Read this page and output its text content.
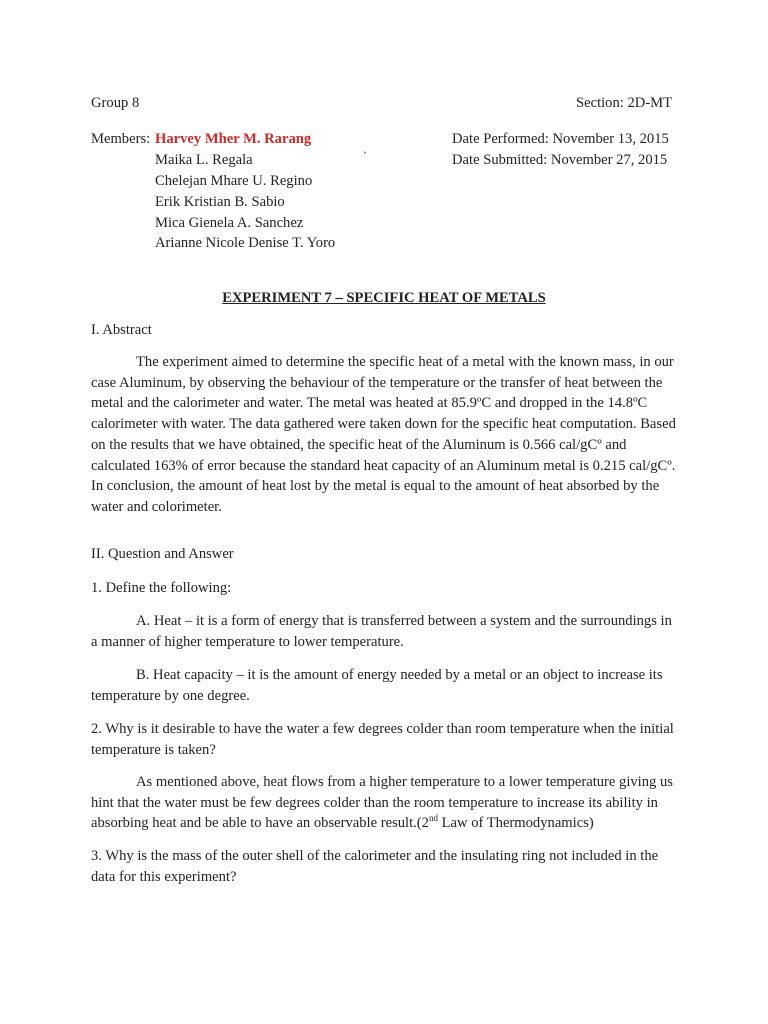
Group 8	Section: 2D-MT
Members: Harvey Mher M. Rarang
Maika L. Regala
Chelejan Mhare U. Regino
Erik Kristian B. Sabio
Mica Gienela A. Sanchez
Arianne Nicole Denise T. Yoro
`
Date Performed: November 13, 2015
Date Submitted: November 27, 2015
EXPERIMENT 7 – SPECIFIC HEAT OF METALS
I. Abstract
The experiment aimed to determine the specific heat of a metal with the known mass, in our case Aluminum, by observing the behaviour of the temperature or the transfer of heat between the metal and the calorimeter and water. The metal was heated at 85.9ºC and dropped in the 14.8ºC calorimeter with water. The data gathered were taken down for the specific heat computation. Based on the results that we have obtained, the specific heat of the Aluminum is 0.566 cal/gCº and calculated 163% of error because the standard heat capacity of an Aluminum metal is 0.215 cal/gCº. In conclusion, the amount of heat lost by the metal is equal to the amount of heat absorbed by the water and colorimeter.
II. Question and Answer
1. Define the following:
A. Heat – it is a form of energy that is transferred between a system and the surroundings in a manner of higher temperature to lower temperature.
B. Heat capacity – it is the amount of energy needed by a metal or an object to increase its temperature by one degree.
2. Why is it desirable to have the water a few degrees colder than room temperature when the initial temperature is taken?
As mentioned above, heat flows from a higher temperature to a lower temperature giving us hint that the water must be few degrees colder than the room temperature to increase its ability in absorbing heat and be able to have an observable result.(2nd Law of Thermodynamics)
3. Why is the mass of the outer shell of the calorimeter and the insulating ring not included in the data for this experiment?
